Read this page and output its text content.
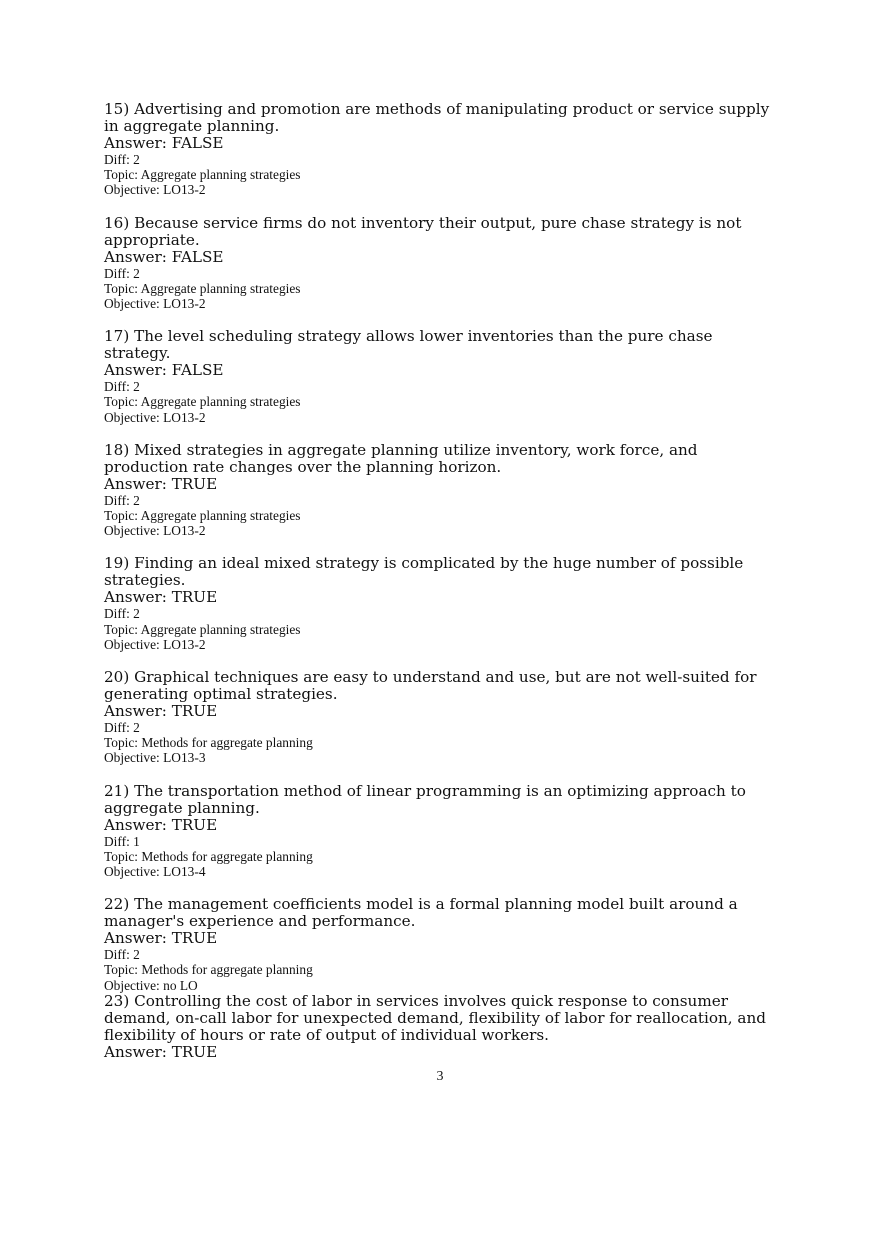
15) Advertising and promotion are methods of manipulating product or service supply in aggregate planning.

Answer: FALSE

Diff: 2

Topic: Aggregate planning strategies

Objective: LO13-2

16) Because service firms do not inventory their output, pure chase strategy is not appropriate.

Answer: FALSE

Diff: 2

Topic: Aggregate planning strategies

Objective: LO13-2

17) The level scheduling strategy allows lower inventories than the pure chase strategy.

Answer: FALSE

Diff: 2

Topic: Aggregate planning strategies

Objective: LO13-2

18) Mixed strategies in aggregate planning utilize inventory, work force, and production rate changes over the planning horizon.

Answer: TRUE

Diff: 2

Topic: Aggregate planning strategies

Objective: LO13-2

19) Finding an ideal mixed strategy is complicated by the huge number of possible strategies.

Answer: TRUE

Diff: 2

Topic: Aggregate planning strategies

Objective: LO13-2

20) Graphical techniques are easy to understand and use, but are not well-suited for generating optimal strategies.

Answer: TRUE

Diff: 2

Topic: Methods for aggregate planning

Objective: LO13-3

21) The transportation method of linear programming is an optimizing approach to aggregate planning.

Answer: TRUE

Diff: 1

Topic: Methods for aggregate planning

Objective: LO13-4

22) The management coefﬁcients model is a formal planning model built around a manager's experience and performance.

Answer: TRUE

Diff: 2

Topic: Methods for aggregate planning

Objective: no LO

23) Controlling the cost of labor in services involves quick response to consumer demand, on-call labor for unexpected demand, flexibility of labor for reallocation, and flexibility of hours or rate of output of individual workers.

Answer: TRUE

3
